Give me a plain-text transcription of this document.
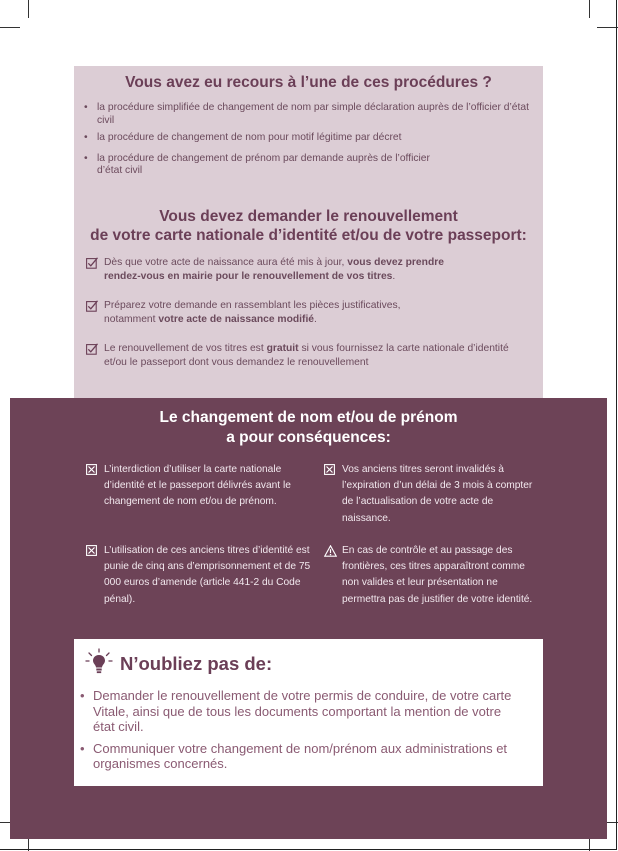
Vous avez eu recours à l’une de ces procédures ?
• la procédure simplifiée de changement de nom par simple déclaration auprès de l’officier d’état civil
• la procédure de changement de nom pour motif légitime par décret
• la procédure de changement de prénom par demande auprès de l’officier d’état civil
Vous devez demander le renouvellement
de votre carte nationale d’identité et/ou de votre passeport:
Dès que votre acte de naissance aura été mis à jour, vous devez prendre rendez-vous en mairie pour le renouvellement de vos titres.
Préparez votre demande en rassemblant les pièces justificatives, notamment votre acte de naissance modifié.
Le renouvellement de vos titres est gratuit si vous fournissez la carte nationale d’identité et/ou le passeport dont vous demandez le renouvellement
Le changement de nom et/ou de prénom
a pour conséquences:
L’interdiction d’utiliser la carte nationale d’identité et le passeport délivrés avant le changement de nom et/ou de prénom.
Vos anciens titres seront invalidés à l’expiration d’un délai de 3 mois à compter de l’actualisation de votre acte de naissance.
L’utilisation de ces anciens titres d’identité est punie de cinq ans d’emprisonnement et de 75 000 euros d’amende (article 441-2 du Code pénal).
En cas de contrôle et au passage des frontières, ces titres apparaîtront comme non valides et leur présentation ne permettra pas de justifier de votre identité.
N’oubliez pas de:
• Demander le renouvellement de votre permis de conduire, de votre carte Vitale, ainsi que de tous les documents comportant la mention de votre état civil.
• Communiquer votre changement de nom/prénom aux administrations et organismes concernés.
